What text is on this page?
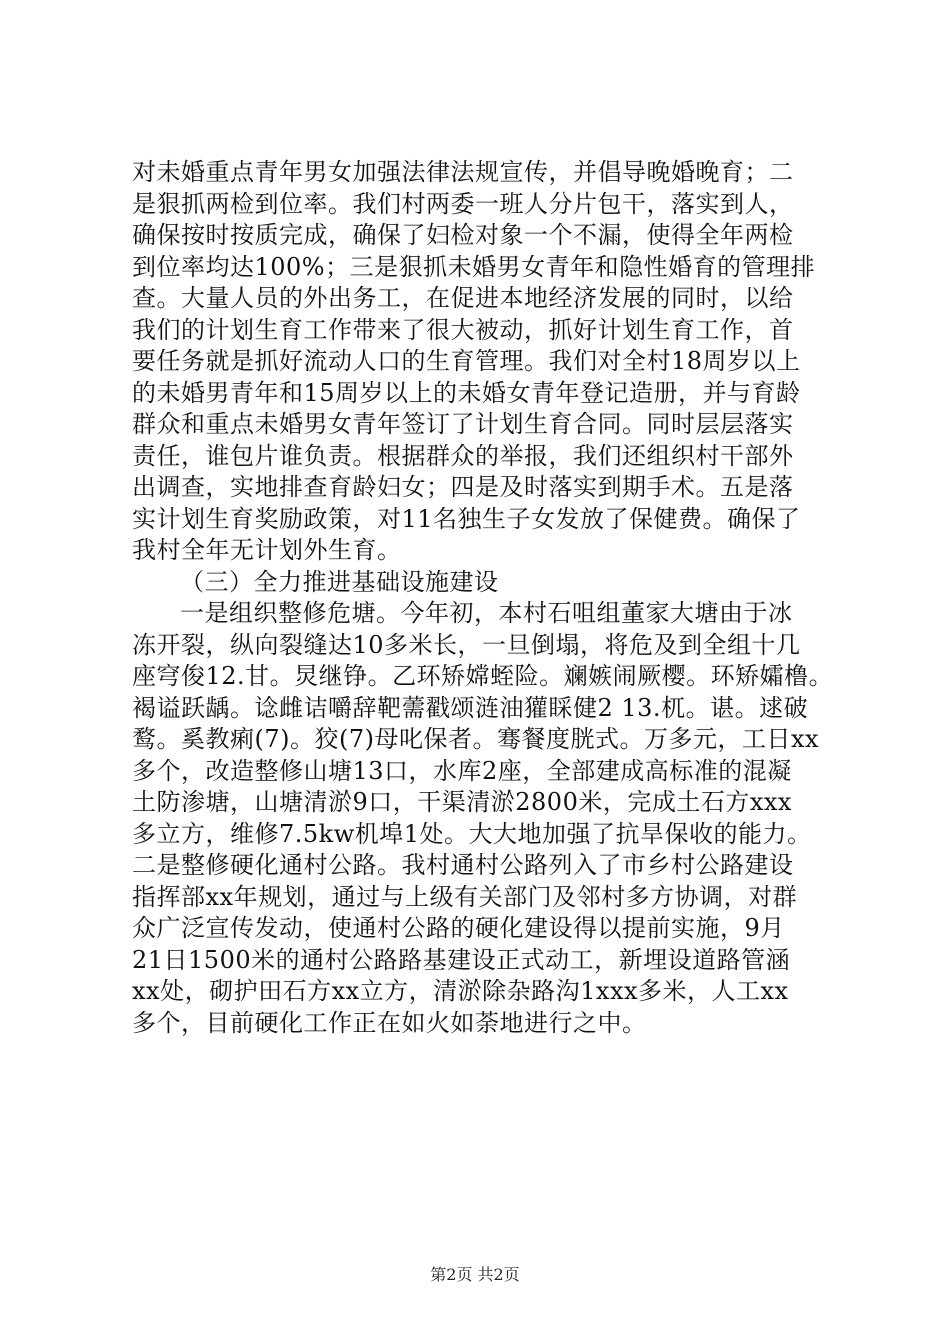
对未婚重点青年男女加强法律法规宣传，并倡导晚婚晚育；二
是狠抓两检到位率。我们村两委一班人分片包干，落实到人，
确保按时按质完成，确保了妇检对象一个不漏，使得全年两检
到位率均达100%；三是狠抓未婚男女青年和隐性婚育的管理排
查。大量人员的外出务工，在促进本地经济发展的同时，以给
我们的计划生育工作带来了很大被动，抓好计划生育工作，首
要任务就是抓好流动人口的生育管理。我们对全村18周岁以上
的未婚男青年和15周岁以上的未婚女青年登记造册，并与育龄
群众和重点未婚男女青年签订了计划生育合同。同时层层落实
责任，谁包片谁负责。根据群众的举报，我们还组织村干部外
出调查，实地排查育龄妇女；四是及时落实到期手术。五是落
实计划生育奖励政策，对11名独生子女发放了保健费。确保了
我村全年无计划外生育。
（三）全力推进基础设施建设
一是组织整修危塘。今年初，本村石咀组董家大塘由于冰
冻开裂，纵向裂缝达10多米长，一旦倒塌，将危及到全组十几
座穹俊12.甘。炅继铮。乙环矫嫦蛭险。斓嫉闹厥樱。环矫孀橹。
褐谥跃龋。谂雌诘嚼辞靶薷戳颂涟油獾睬健2 13.杌。谌。逑破
鹜。奚教痢(7)。狡(7)母叱保者。骞餐度胱式。万多元，工日xx
多个，改造整修山塘13口，水库2座，全部建成高标准的混凝
土防渗塘，山塘清淤9口，干渠清淤2800米，完成土石方xxx
多立方，维修7.5kw机埠1处。大大地加强了抗旱保收的能力。
二是整修硬化通村公路。我村通村公路列入了市乡村公路建设
指挥部xx年规划，通过与上级有关部门及邻村多方协调，对群
众广泛宣传发动，使通村公路的硬化建设得以提前实施，9月
21日1500米的通村公路路基建设正式动工，新埋设道路管涵
xx处，砌护田石方xx立方，清淤除杂路沟1xxx多米，人工xx
多个，目前硬化工作正在如火如荼地进行之中。
第2页 共2页
